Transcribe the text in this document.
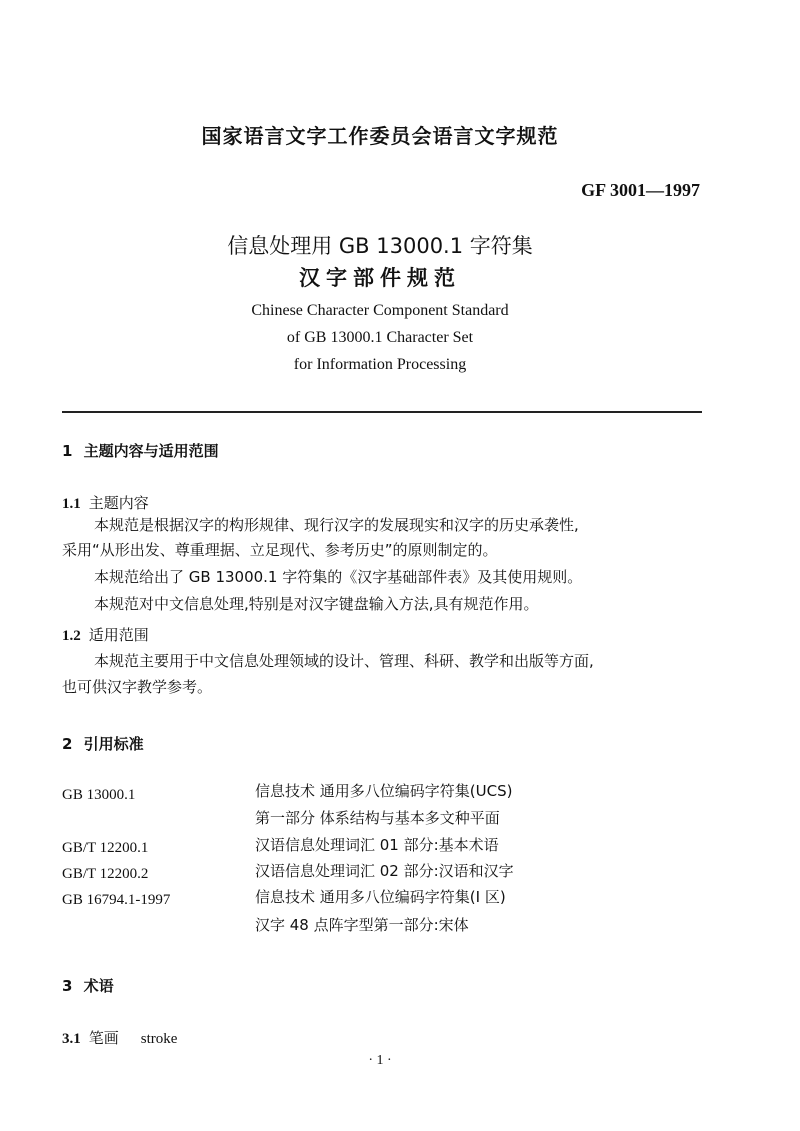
国家语言文字工作委员会语言文字规范
GF 3001—1997
信息处理用 GB 13000.1 字符集
汉字部件规范
Chinese Character Component Standard
of GB 13000.1 Character Set
for Information Processing
1 主题内容与适用范围
1.1 主题内容
本规范是根据汉字的构形规律、现行汉字的发展现实和汉字的历史承袭性,
采用“从形出发、尊重理据、立足现代、参考历史”的原则制定的。
本规范给出了 GB 13000.1 字符集的《汉字基础部件表》及其使用规则。
本规范对中文信息处理,特别是对汉字键盘输入方法,具有规范作用。
1.2 适用范围
本规范主要用于中文信息处理领域的设计、管理、科研、教学和出版等方面,
也可供汉字教学参考。
2 引用标准
GB 13000.1	信息技术 通用多八位编码字符集(UCS)
第一部分 体系结构与基本多文种平面
GB/T 12200.1	汉语信息处理词汇 01 部分:基本术语
GB/T 12200.2	汉语信息处理词汇 02 部分:汉语和汉字
GB 16794.1-1997	信息技术 通用多八位编码字符集(I 区)
汉字 48 点阵字型第一部分:宋体
3 术语
3.1 笔画 stroke
· 1 ·
